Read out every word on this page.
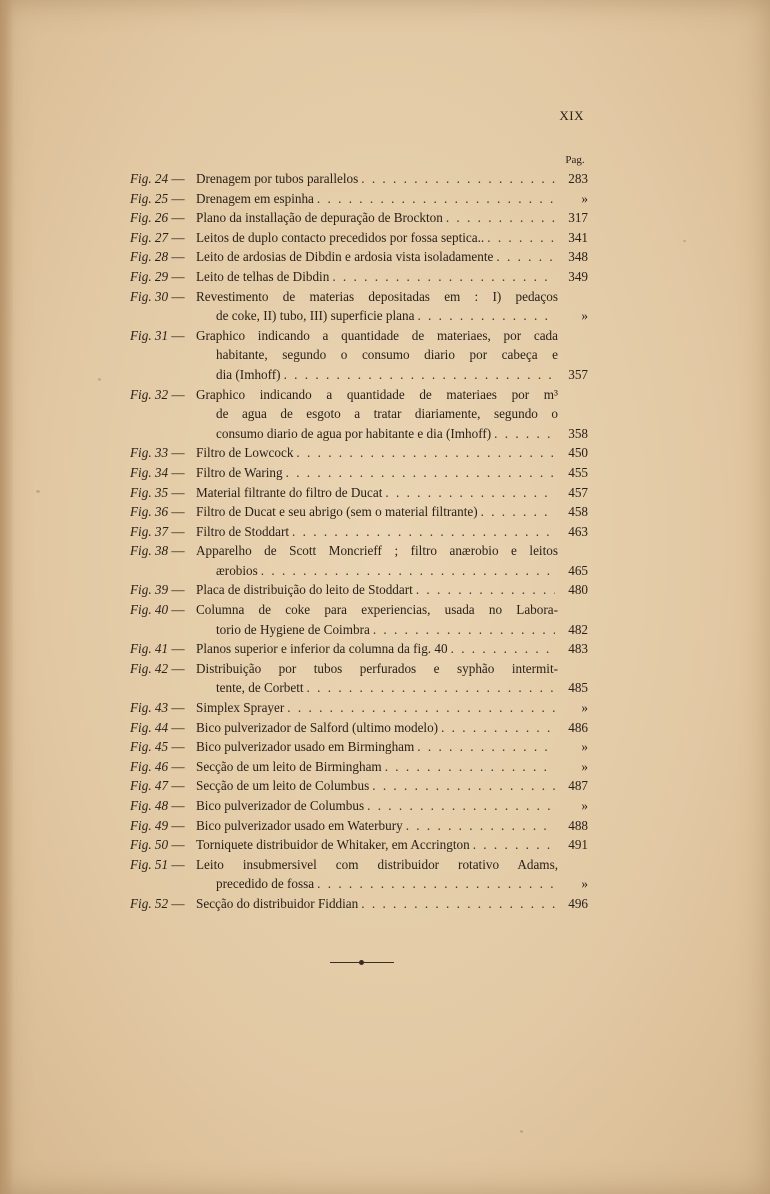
XIX
Pag.
Fig. 24 — Drenagem por tubos parallelos . . .	283
Fig. 25 — Drenagem em espinha . . .	»
Fig. 26 — Plano da installação de depuração de Brockton . . .	317
Fig. 27 — Leitos de duplo contacto precedidos por fossa septica.. . . .	341
Fig. 28 — Leito de ardosias de Dibdin e ardosia vista isoladamente . . .	348
Fig. 29 — Leito de telhas de Dibdin . . .	349
Fig. 30 — Revestimento de materias depositadas em : I) pedaços
de coke, II) tubo, III) superficie plana . . .	»
Fig. 31 — Graphico indicando a quantidade de materiaes, por cada
habitante, segundo o consumo diario por cabeça e
dia (Imhoff) . . .	357
Fig. 32 — Graphico indicando a quantidade de materiaes por m³
de agua de esgoto a tratar diariamente, segundo o
consumo diario de agua por habitante e dia (Imhoff) . . .	358
Fig. 33 — Filtro de Lowcock . . .	450
Fig. 34 — Filtro de Waring . . .	455
Fig. 35 — Material filtrante do filtro de Ducat . . .	457
Fig. 36 — Filtro de Ducat e seu abrigo (sem o material filtrante) . . .	458
Fig. 37 — Filtro de Stoddart . . .	463
Fig. 38 — Apparelho de Scott Moncrieff ; filtro anærobio e leitos
ærobios . . .	465
Fig. 39 — Placa de distribuição do leito de Stoddart . . .	480
Fig. 40 — Columna de coke para experiencias, usada no Labora-
torio de Hygiene de Coimbra . . .	482
Fig. 41 — Planos superior e inferior da columna da fig. 40 . . .	483
Fig. 42 — Distribuição por tubos perfurados e syphão intermit-
tente, de Corbett . . .	485
Fig. 43 — Simplex Sprayer . . .	»
Fig. 44 — Bico pulverizador de Salford (ultimo modelo) . . .	486
Fig. 45 — Bico pulverizador usado em Birmingham . . .	»
Fig. 46 — Secção de um leito de Birmingham . . .	»
Fig. 47 — Secção de um leito de Columbus . . .	487
Fig. 48 — Bico pulverizador de Columbus . . .	»
Fig. 49 — Bico pulverizador usado em Waterbury . . .	488
Fig. 50 — Torniquete distribuidor de Whitaker, em Accrington . . .	491
Fig. 51 — Leito insubmersivel com distribuidor rotativo Adams,
precedido de fossa . . .	»
Fig. 52 — Secção do distribuidor Fiddian . . .	496
